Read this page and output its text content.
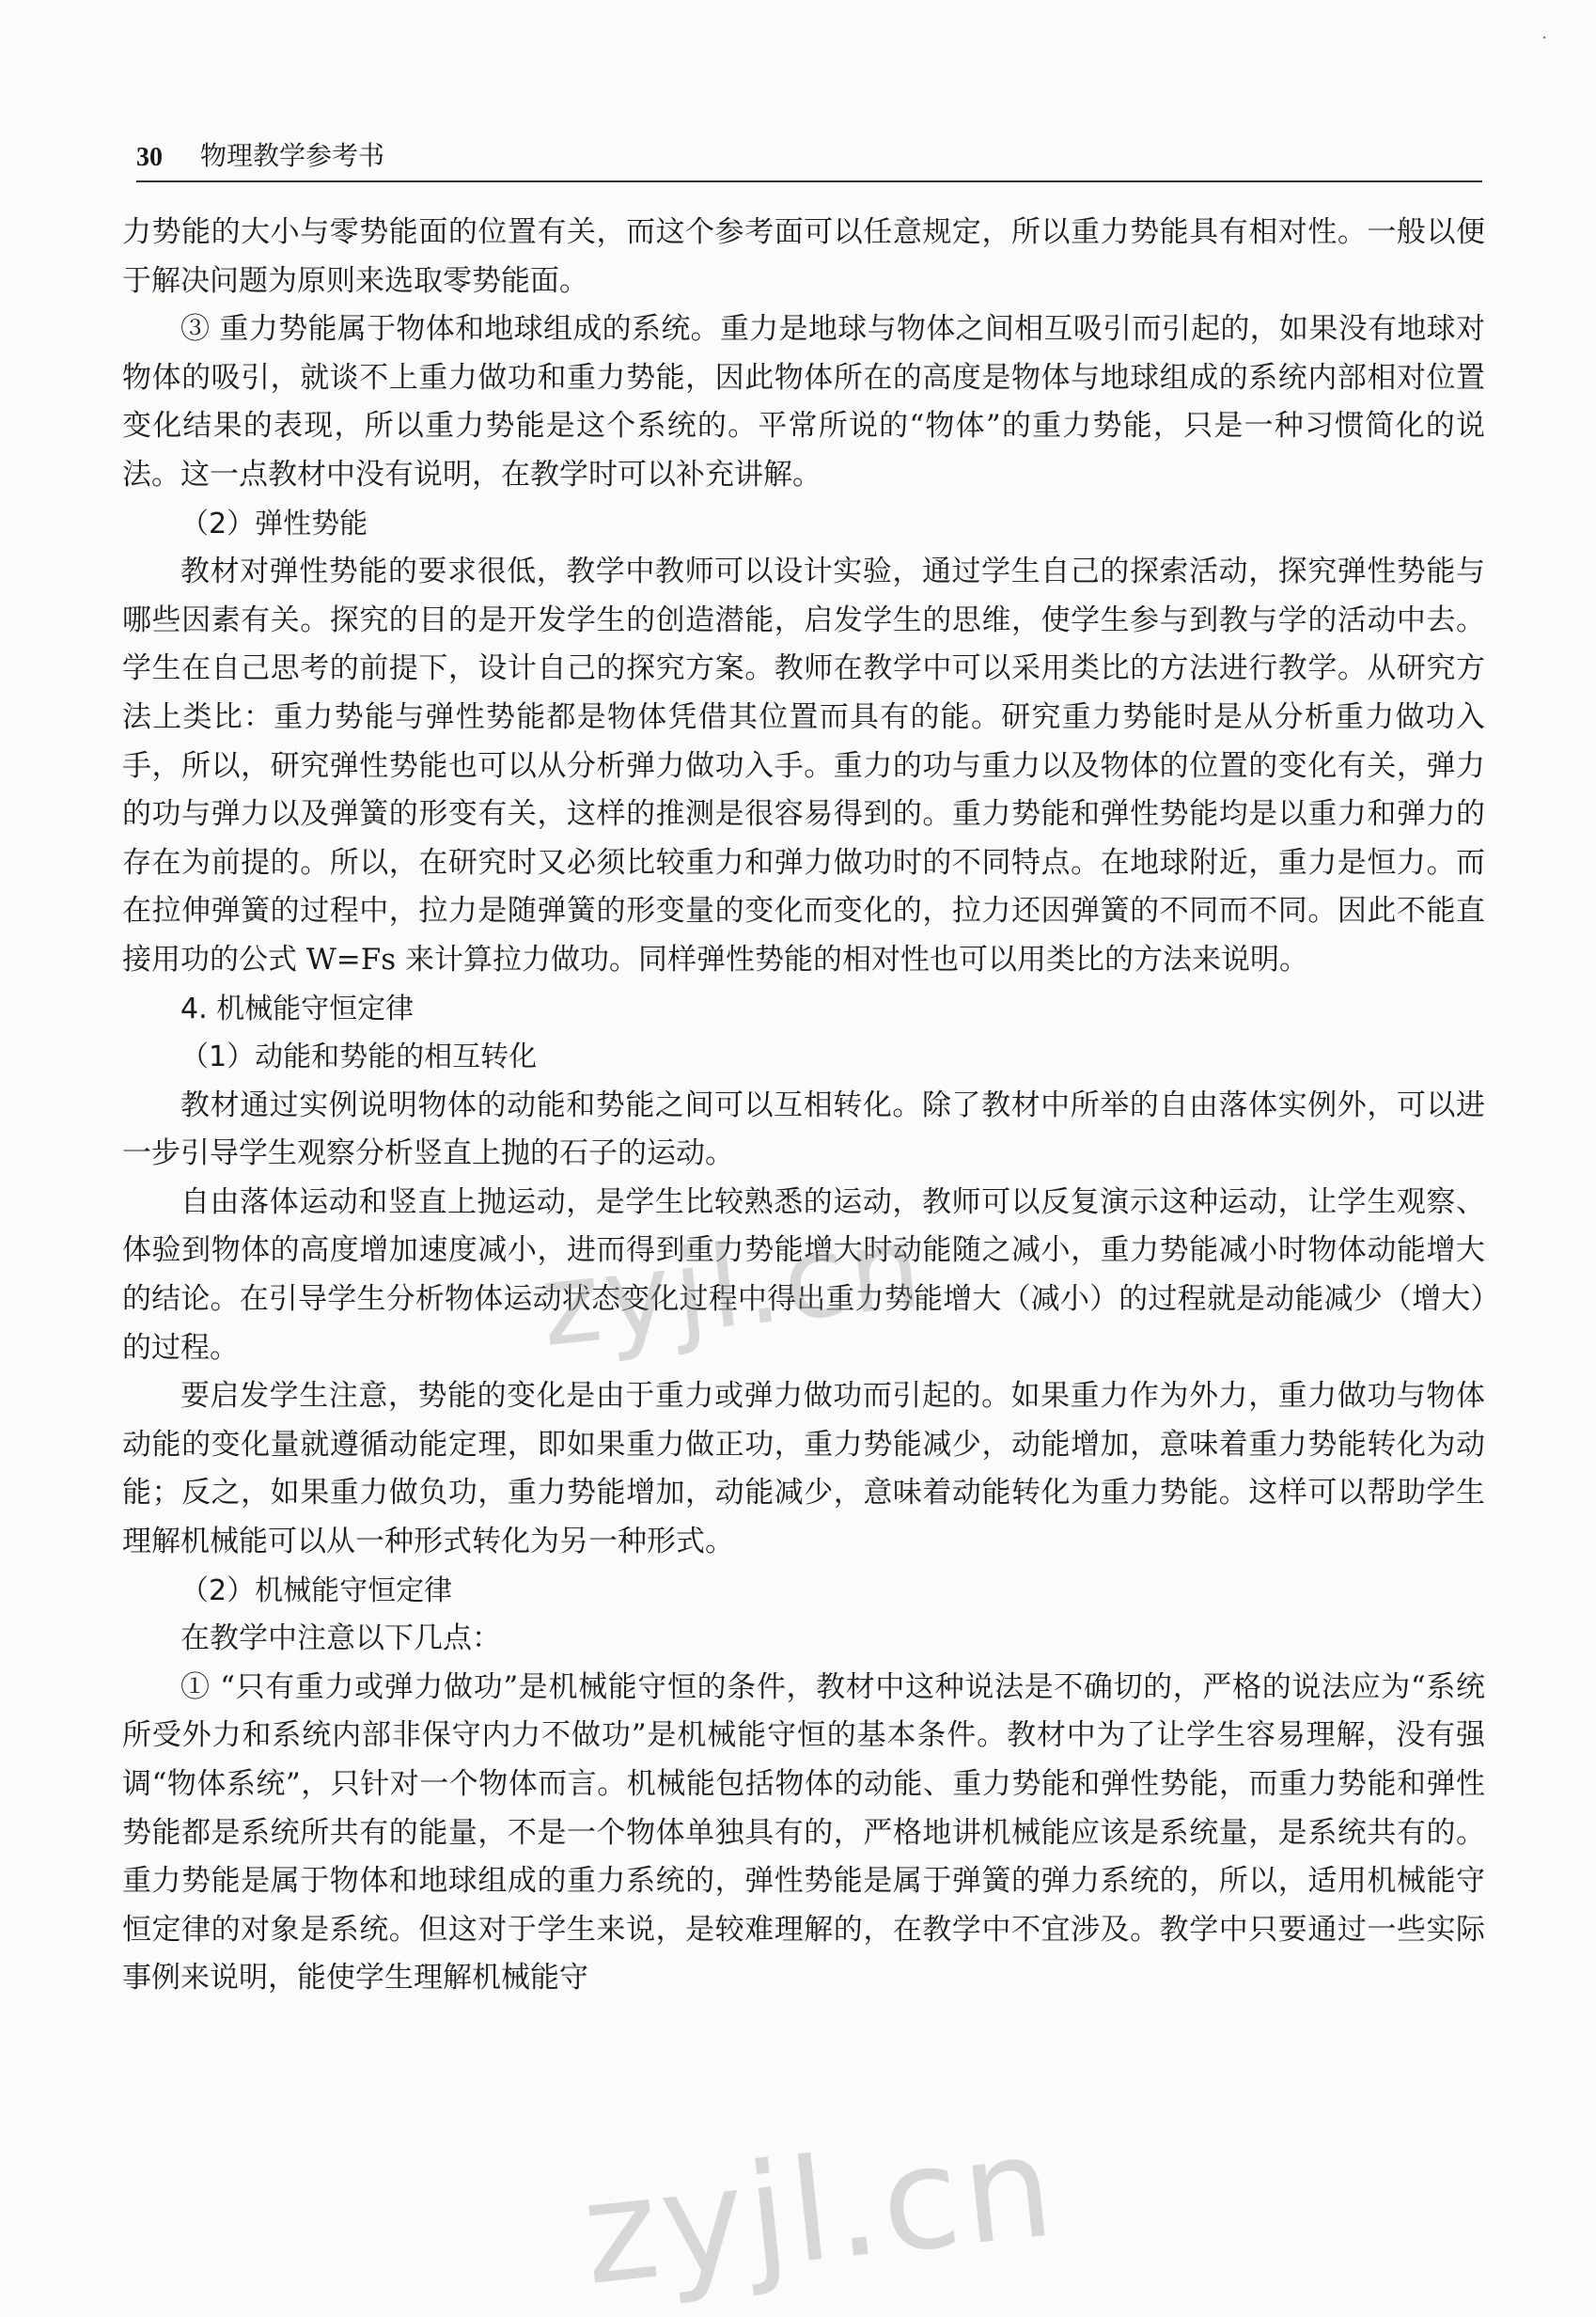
·
30 物理教学参考书

力势能的大小与零势能面的位置有关，而这个参考面可以任意规定，所以重力势能具有相对性。一般以便于解决问题为原则来选取零势能面。

③ 重力势能属于物体和地球组成的系统。重力是地球与物体之间相互吸引而引起的，如果没有地球对物体的吸引，就谈不上重力做功和重力势能，因此物体所在的高度是物体与地球组成的系统内部相对位置变化结果的表现，所以重力势能是这个系统的。平常所说的“物体”的重力势能，只是一种习惯简化的说法。这一点教材中没有说明，在教学时可以补充讲解。

（2）弹性势能

教材对弹性势能的要求很低，教学中教师可以设计实验，通过学生自己的探索活动，探究弹性势能与哪些因素有关。探究的目的是开发学生的创造潜能，启发学生的思维，使学生参与到教与学的活动中去。学生在自己思考的前提下，设计自己的探究方案。教师在教学中可以采用类比的方法进行教学。从研究方法上类比：重力势能与弹性势能都是物体凭借其位置而具有的能。研究重力势能时是从分析重力做功入手，所以，研究弹性势能也可以从分析弹力做功入手。重力的功与重力以及物体的位置的变化有关，弹力的功与弹力以及弹簧的形变有关，这样的推测是很容易得到的。重力势能和弹性势能均是以重力和弹力的存在为前提的。所以，在研究时又必须比较重力和弹力做功时的不同特点。在地球附近，重力是恒力。而在拉伸弹簧的过程中，拉力是随弹簧的形变量的变化而变化的，拉力还因弹簧的不同而不同。因此不能直接用功的公式 W=Fs 来计算拉力做功。同样弹性势能的相对性也可以用类比的方法来说明。

4. 机械能守恒定律

（1）动能和势能的相互转化

教材通过实例说明物体的动能和势能之间可以互相转化。除了教材中所举的自由落体实例外，可以进一步引导学生观察分析竖直上抛的石子的运动。

自由落体运动和竖直上抛运动，是学生比较熟悉的运动，教师可以反复演示这种运动，让学生观察、体验到物体的高度增加速度减小，进而得到重力势能增大时动能随之减小，重力势能减小时物体动能增大的结论。在引导学生分析物体运动状态变化过程中得出重力势能增大（减小）的过程就是动能减少（增大）的过程。

要启发学生注意，势能的变化是由于重力或弹力做功而引起的。如果重力作为外力，重力做功与物体动能的变化量就遵循动能定理，即如果重力做正功，重力势能减少，动能增加，意味着重力势能转化为动能；反之，如果重力做负功，重力势能增加，动能减少，意味着动能转化为重力势能。这样可以帮助学生理解机械能可以从一种形式转化为另一种形式。

（2）机械能守恒定律

在教学中注意以下几点：

① “只有重力或弹力做功”是机械能守恒的条件，教材中这种说法是不确切的，严格的说法应为“系统所受外力和系统内部非保守内力不做功”是机械能守恒的基本条件。教材中为了让学生容易理解，没有强调“物体系统”，只针对一个物体而言。机械能包括物体的动能、重力势能和弹性势能，而重力势能和弹性势能都是系统所共有的能量，不是一个物体单独具有的，严格地讲机械能应该是系统量，是系统共有的。重力势能是属于物体和地球组成的重力系统的，弹性势能是属于弹簧的弹力系统的，所以，适用机械能守恒定律的对象是系统。但这对于学生来说，是较难理解的，在教学中不宜涉及。教学中只要通过一些实际事例来说明，能使学生理解机械能守

zyjl.cn
zyjl.cn
